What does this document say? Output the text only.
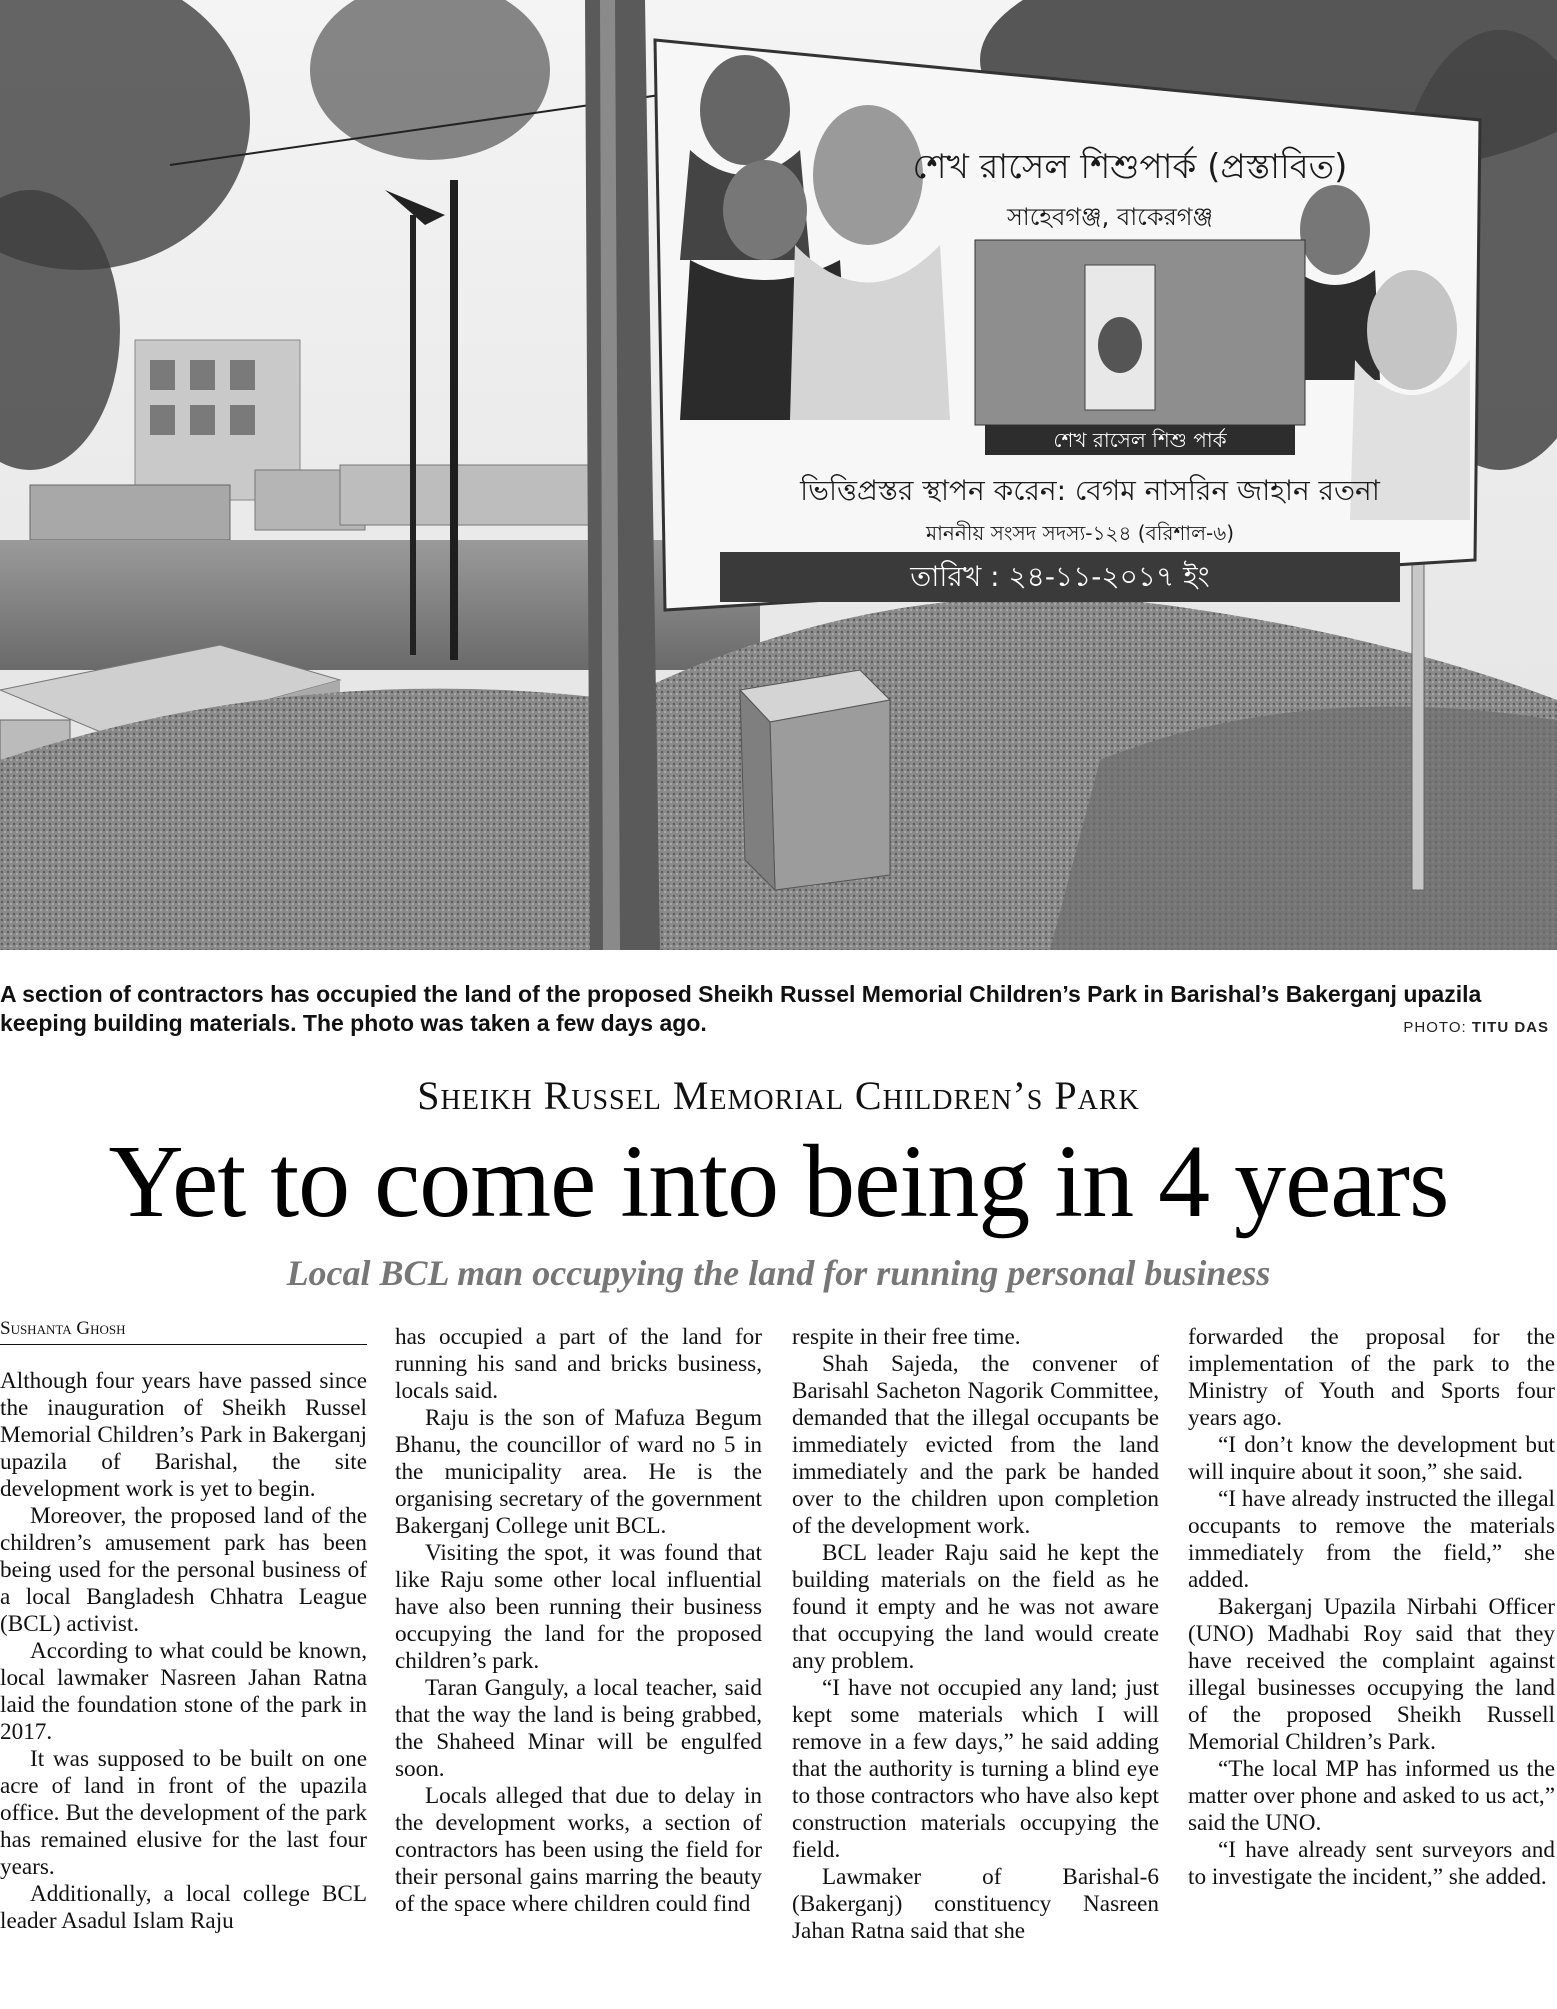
শেখ রাসেল শিশু পার্ক
শেখ রাসেল শিশুপার্ক (প্রস্তাবিত)
সাহেবগঞ্জ, বাকেরগঞ্জ
ভিত্তিপ্রস্তর স্থাপন করেন: বেগম নাসরিন জাহান রতনা
মাননীয় সংসদ সদস্য-১২৪ (বরিশাল-৬)
তারিখ : ২৪-১১-২০১৭ ইং
A section of contractors has occupied the land of the proposed Sheikh Russel Memorial Children’s Park in Barishal’s Bakerganj upazila keeping building materials. The photo was taken a few days ago.	PHOTO: TITU DAS
Sheikh Russel Memorial Children’s Park
Yet to come into being in 4 years
Local BCL man occupying the land for running personal business
Sushanta Ghosh

Although four years have passed since the inauguration of Sheikh Russel Memorial Children’s Park in Bakerganj upazila of Barishal, the site development work is yet to begin.

Moreover, the proposed land of the children’s amusement park has been being used for the personal business of a local Bangladesh Chhatra League (BCL) activist.

According to what could be known, local lawmaker Nasreen Jahan Ratna laid the foundation stone of the park in 2017.

It was supposed to be built on one acre of land in front of the upazila office. But the development of the park has remained elusive for the last four years.

Additionally, a local college BCL leader Asadul Islam Raju

has occupied a part of the land for running his sand and bricks business, locals said.

Raju is the son of Mafuza Begum Bhanu, the councillor of ward no 5 in the municipality area. He is the organising secretary of the government Bakerganj College unit BCL.

Visiting the spot, it was found that like Raju some other local influential have also been running their business occupying the land for the proposed children’s park.

Taran Ganguly, a local teacher, said that the way the land is being grabbed, the Shaheed Minar will be engulfed soon.

Locals alleged that due to delay in the development works, a section of contractors has been using the field for their personal gains marring the beauty of the space where children could find

respite in their free time.

Shah Sajeda, the convener of Barisahl Sacheton Nagorik Committee, demanded that the illegal occupants be immediately evicted from the land immediately and the park be handed over to the children upon completion of the development work.

BCL leader Raju said he kept the building materials on the field as he found it empty and he was not aware that occupying the land would create any problem.

“I have not occupied any land; just kept some materials which I will remove in a few days,” he said adding that the authority is turning a blind eye to those contractors who have also kept construction materials occupying the field.

Lawmaker of Barishal-6 (Bakerganj) constituency Nasreen Jahan Ratna said that she

forwarded the proposal for the implementation of the park to the Ministry of Youth and Sports four years ago.

“I don’t know the development but will inquire about it soon,” she said.

“I have already instructed the illegal occupants to remove the materials immediately from the field,” she added.

Bakerganj Upazila Nirbahi Officer (UNO) Madhabi Roy said that they have received the complaint against illegal businesses occupying the land of the proposed Sheikh Russell Memorial Children’s Park.

“The local MP has informed us the matter over phone and asked to us act,” said the UNO.

“I have already sent surveyors and to investigate the incident,” she added.
